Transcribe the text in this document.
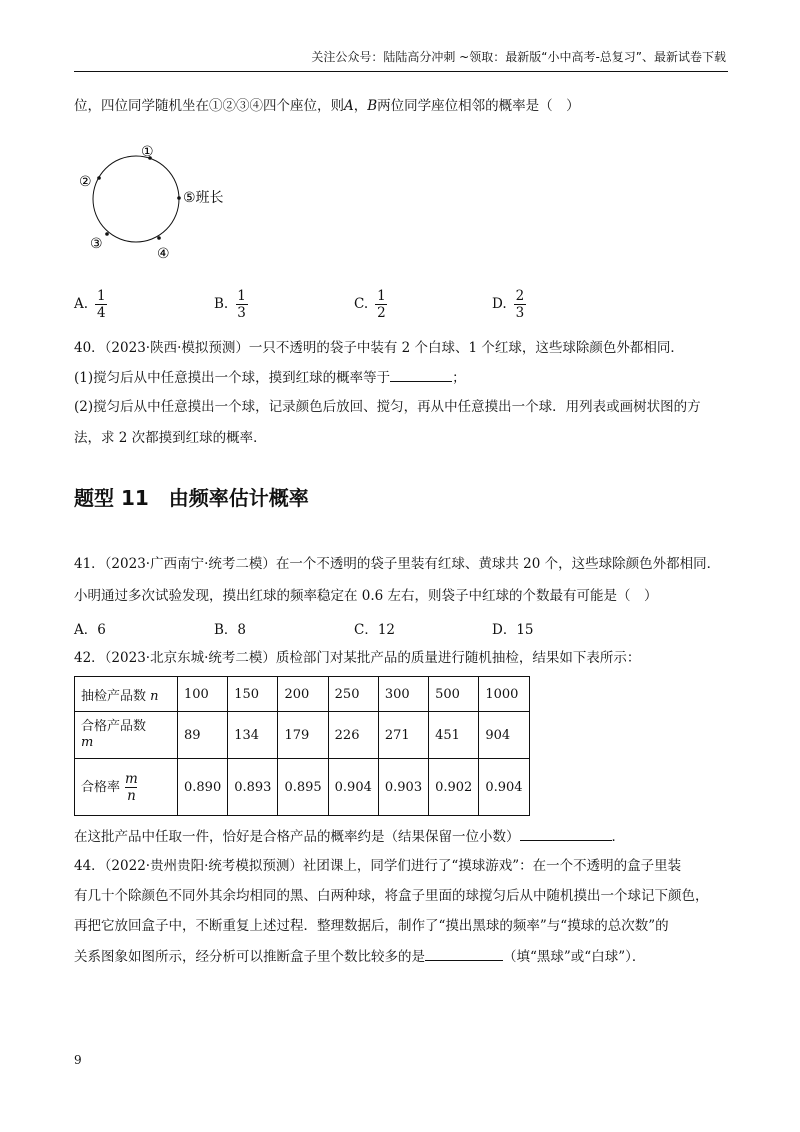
关注公众号：陆陆高分冲刺 ~领取：最新版“小中高考-总复习”、最新试卷下载
位，四位同学随机坐在①②③④四个座位，则A，B两位同学座位相邻的概率是（　）
①
②
⑤班长
③
④
A. $\frac{1}{4}$	B. $\frac{1}{3}$	C. $\frac{1}{2}$	D. $\frac{2}{3}$
40．（2023·陕西·模拟预测）一只不透明的袋子中装有 2 个白球、1 个红球，这些球除颜色外都相同．
(1)搅匀后从中任意摸出一个球，摸到红球的概率等于	；
(2)搅匀后从中任意摸出一个球，记录颜色后放回、搅匀，再从中任意摸出一个球．用列表或画树状图的方
法，求 2 次都摸到红球的概率．
题型 11　由频率估计概率
41．（2023·广西南宁·统考二模）在一个不透明的袋子里装有红球、黄球共 20 个，这些球除颜色外都相同．
小明通过多次试验发现，摸出红球的频率稳定在 0.6 左右，则袋子中红球的个数最有可能是（　）
A．6	B．8	C．12	D．15
42．（2023·北京东城·统考二模）质检部门对某批产品的质量进行随机抽检，结果如下表所示：
抽检产品数 n	100	150	200	250	300	500	1000
合格产品数
m	89	134	179	226	271	451	904
合格率 $\frac{m}{n}$	0.890	0.893	0.895	0.904	0.903	0.902	0.904
在这批产品中任取一件，恰好是合格产品的概率约是（结果保留一位小数）	．
44．（2022·贵州贵阳·统考模拟预测）社团课上，同学们进行了“摸球游戏”：在一个不透明的盒子里装
有几十个除颜色不同外其余均相同的黑、白两种球，将盒子里面的球搅匀后从中随机摸出一个球记下颜色，
再把它放回盒子中，不断重复上述过程．整理数据后，制作了“摸出黑球的频率”与“摸球的总次数”的
关系图象如图所示，经分析可以推断盒子里个数比较多的是	（填“黑球”或“白球”）．
9
